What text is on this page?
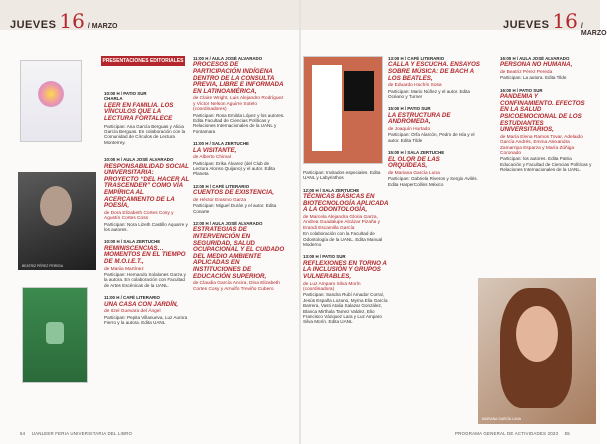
JUEVES 16 / MARZO	JUEVES 16 / MARZO
PRESENTACIONES EDITORIALES
BEATRIZ PÉREZ PEREDA
10:00 H / PATIO SUR
CHARLA
LEER EN FAMILIA. LOS VÍNCULOS QUE LA LECTURA FORTALECE
Participan: Ana García Berguas y Alicia García Berguas. En colaboración con la Comunidad de Círculos de Lectura Monterrey.
10:00 H / AULA JOSÉ ALVARADO
RESPONSABILIDAD SOCIAL UNIVERSITARIA: PROYECTO “DEL HACER AL TRASCENDER” COMO VÍA EMPÍRICA AL ACERCAMIENTO DE LA POESÍA,
de Dora Elizabeth Cortes Cosy y Agustín Cortes Coss
Participan: Nora Lizeth Castillo Aquarre y los autores.
10:00 H / SALA ZERTUCHE
REMINISCENCIAS… MOMENTOS EN EL TIEMPO DE M.O.I.E.T.,
de Mariia Martínez
Participan: Hernando Solalones Garza y la autora. En colaboración con Facultad de Artes Escénicas de la UANL.
11:00 H / CAFÉ LITERARIO
UNA CASA CON JARDÍN,
de Itzel Guevara del Ángel
Participan: Pepita Villanueva, Luz Aurora Fierro y la autora. Edita UANL
11:00 H / AULA JOSÉ ALVARADO
PROCESOS DE PARTICIPACIÓN INDÍGENA DENTRO DE LA CONSULTA PREVIA, LIBRE E INFORMADA EN LATINOAMÉRICA,
de Claire Wright, Luis Alejandro Rodríguez y Víctor Nelson Aguirre Sotelo (coordinadores)
Participan: Rosa Emilda López y los autores. Edita Facultad de Ciencias Políticas y Relaciones Internacionales de la UANL y Fontamara
11:00 H / SALA ZERTUCHE
LA VISITANTE,
de Alberto Chimal
Participan: Erika Álvarez (del Club de Lectura Alonso Quijano) y el autor. Edita Planeta
12:00 H / CAFÉ LITERARIO
CUENTOS DE EXISTENCIA,
de Héctor Erasmo Garza
Participan: Miguel Durán y el autor. Edita Conarte
12:00 H / AULA JOSÉ ALVARADO
ESTRATEGIAS DE INTERVENCIÓN EN SEGURIDAD, SALUD OCUPACIONAL Y EL CUIDADO DEL MEDIO AMBIENTE APLICADAS EN INSTITUCIONES DE EDUCACIÓN SUPERIOR,
de Claudia García Ancira, Dina Elizabeth Cortes Cosy y Arnulfo Treviño Cubero
Participan: Invitados especiales. Edita UANL y Labyrinthos
12:00 H / SALA ZERTUCHE
TÉCNICAS BÁSICAS EN BIOTECNOLOGÍA APLICADA A LA ODONTOLOGÍA,
de Marcela Alejandra Gloria Garza, Andrea Guadalupe Alcázar Pizaña y Erandi Escamilla García
En colaboración con la Facultad de Odontología de la UANL. Edita Manual Moderno
13:00 H / PATIO SUR
REFLEXIONES EN TORNO A LA INCLUSIÓN Y GRUPOS VULNERABLES,
de Luz Amparo Silva Morín (coordinadora)
Participan: Sandra Rubí Amador Corral, Jesús España Lozano, Myrna Elia García Barrera, Vasti Atalia Salazar González, Blanca Mirthala Tamez Valdez, Elio Francisco Vázquez Lara y Luz Amparo Silva Morín. Edita UANL
13:00 H / CAFÉ LITERARIO
CALLA Y ESCUCHA. ENSAYOS SOBRE MÚSICA: DE BACH A LOS BEATLES,
de Eduardo Huchín Sosa
Participan: Mario Núñez y el autor. Edita Océano y Turner
15:00 H / PATIO SUR
LA ESTRUCTURA DE ANDRÓMEDA,
de Joaquín Hurtado
Participan: Orfa Alarcón, Pedro de Isla y el autor. Edita Tilde
15:00 H / SALA ZERTUCHE
EL OLOR DE LAS ORQUÍDEAS,
de Mariana García Luna
Participan: Gabriela Riveros y Sergio Avilés. Edita HarperCollins México
16:00 H / AULA JOSÉ ALVARADO
PERSONA NO HUMANA,
de Beatriz Pérez Pereda
Participan: La autora. Edita Tilde
16:00 H / PATIO SUR
PANDEMIA Y CONFINAMIENTO. EFECTOS EN LA SALUD PSICOEMOCIONAL DE LOS ESTUDIANTES UNIVERSITARIOS,
de María Elena Ramos Tovar, Adelaido García Andrés, Emma Alexandra Zamarripa Esparza y María Zúñiga Coronado
Participan: los autores. Edita Patria Educación y Facultad de Ciencias Políticas y Relaciones Internacionales de la UANL.
MARIANA GARCÍA LUNA
54 UANLEER FERIA UNIVERSITARIA DEL LIBRO	PROGRAMA GENERAL DE ACTIVIDADES 2023 55
